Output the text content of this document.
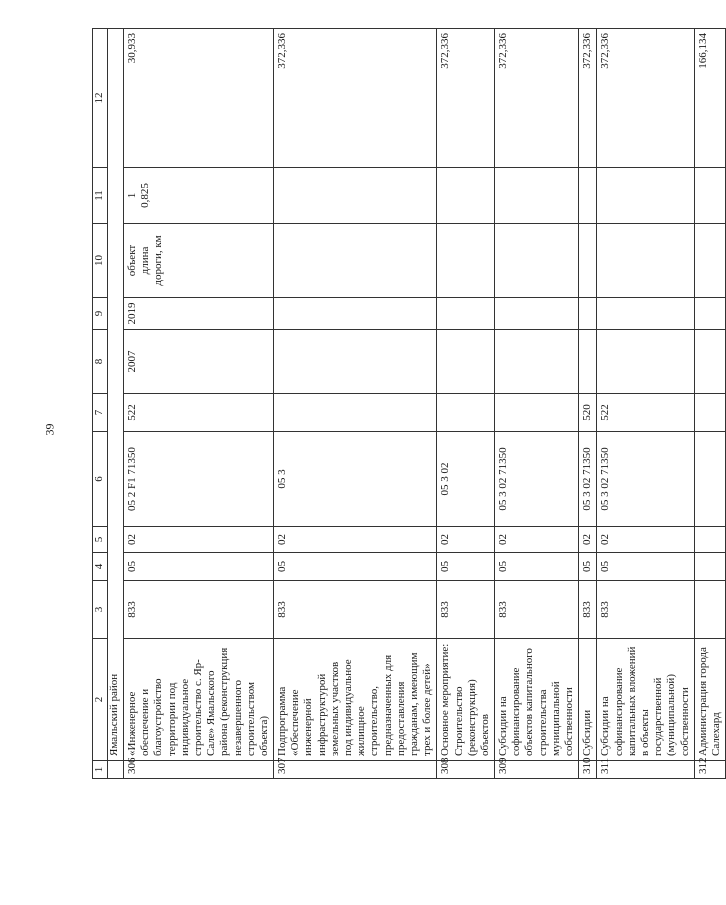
39
1	2	3	4	5	6	7	8	9	10	11	12
	Ямальский район										
306	«Инженерное обеспечение и благоустройство территории под индивидуальное строительство с. Яр-Сале» Ямальского района (реконструкция незавершенного строительством объекта)	833	05	02	05 2 F1 71350	522	2007	2019	объект длина дороги, км	1 0,825	30,933
307	Подпрограмма «Обеспечение инженерной инфраструктурой земельных участков под индивидуальное жилищное строительство, предназначенных для предоставления гражданам, имеющим трех и более детей»	833	05	02	05 3						372,336
308	Основное мероприятие: Строительство (реконструкция) объектов	833	05	02	05 3 02						372,336
309	Субсидии на софинансирование объектов капитального строительства муниципальной собственности	833	05	02	05 3 02 71350						372,336
310	Субсидии	833	05	02	05 3 02 71350	520					372,336
311	Субсидии на софинансирование капитальных вложений в объекты государственной (муниципальной) собственности	833	05	02	05 3 02 71350	522					372,336
312	Администрация города Салехард										166,134
